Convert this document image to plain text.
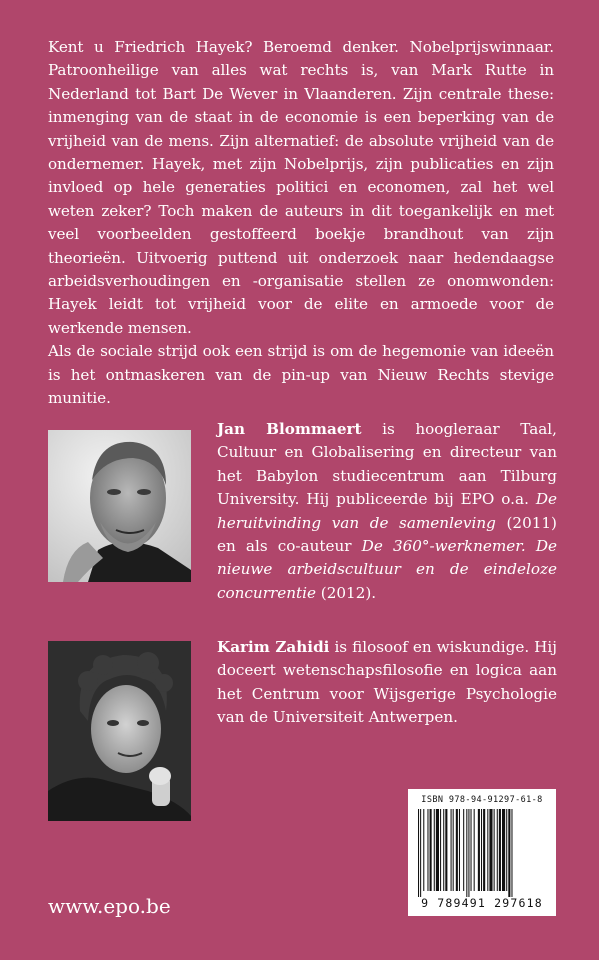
Kent u Friedrich Hayek? Beroemd denker. Nobelprijswinnaar. Patroonheilige van alles wat rechts is, van Mark Rutte in Nederland tot Bart De Wever in Vlaanderen. Zijn centrale these: inmenging van de staat in de economie is een beperking van de vrijheid van de mens. Zijn alternatief: de absolute vrijheid van de ondernemer. Hayek, met zijn Nobelprijs, zijn publicaties en zijn invloed op hele generaties politici en economen, zal het wel weten zeker? Toch maken de auteurs in dit toegankelijk en met veel voorbeelden gestoffeerd boekje brandhout van zijn theorieën. Uitvoerig puttend uit onderzoek naar hedendaagse arbeidsverhoudingen en -organisatie stellen ze onomwonden: Hayek leidt tot vrijheid voor de elite en armoede voor de werkende mensen.

Als de sociale strijd ook een strijd is om de hegemonie van ideeën is het ontmaskeren van de pin-up van Nieuw Rechts stevige munitie.

Jan Blommaert is hoogleraar Taal, Cultuur en Globalisering en directeur van het Babylon studiecentrum aan Tilburg University. Hij publiceerde bij EPO o.a. De heruitvinding van de samenleving (2011) en als co-auteur De 360°-werknemer. De nieuwe arbeidscultuur en de eindeloze concurrentie (2012).
Karim Zahidi is filosoof en wiskundige. Hij doceert wetenschapsfilosofie en logica aan het Centrum voor Wijsgerige Psychologie van de Universiteit Antwerpen.
www.epo.be
ISBN 978-94-91297-61-8
9 789491 297618
